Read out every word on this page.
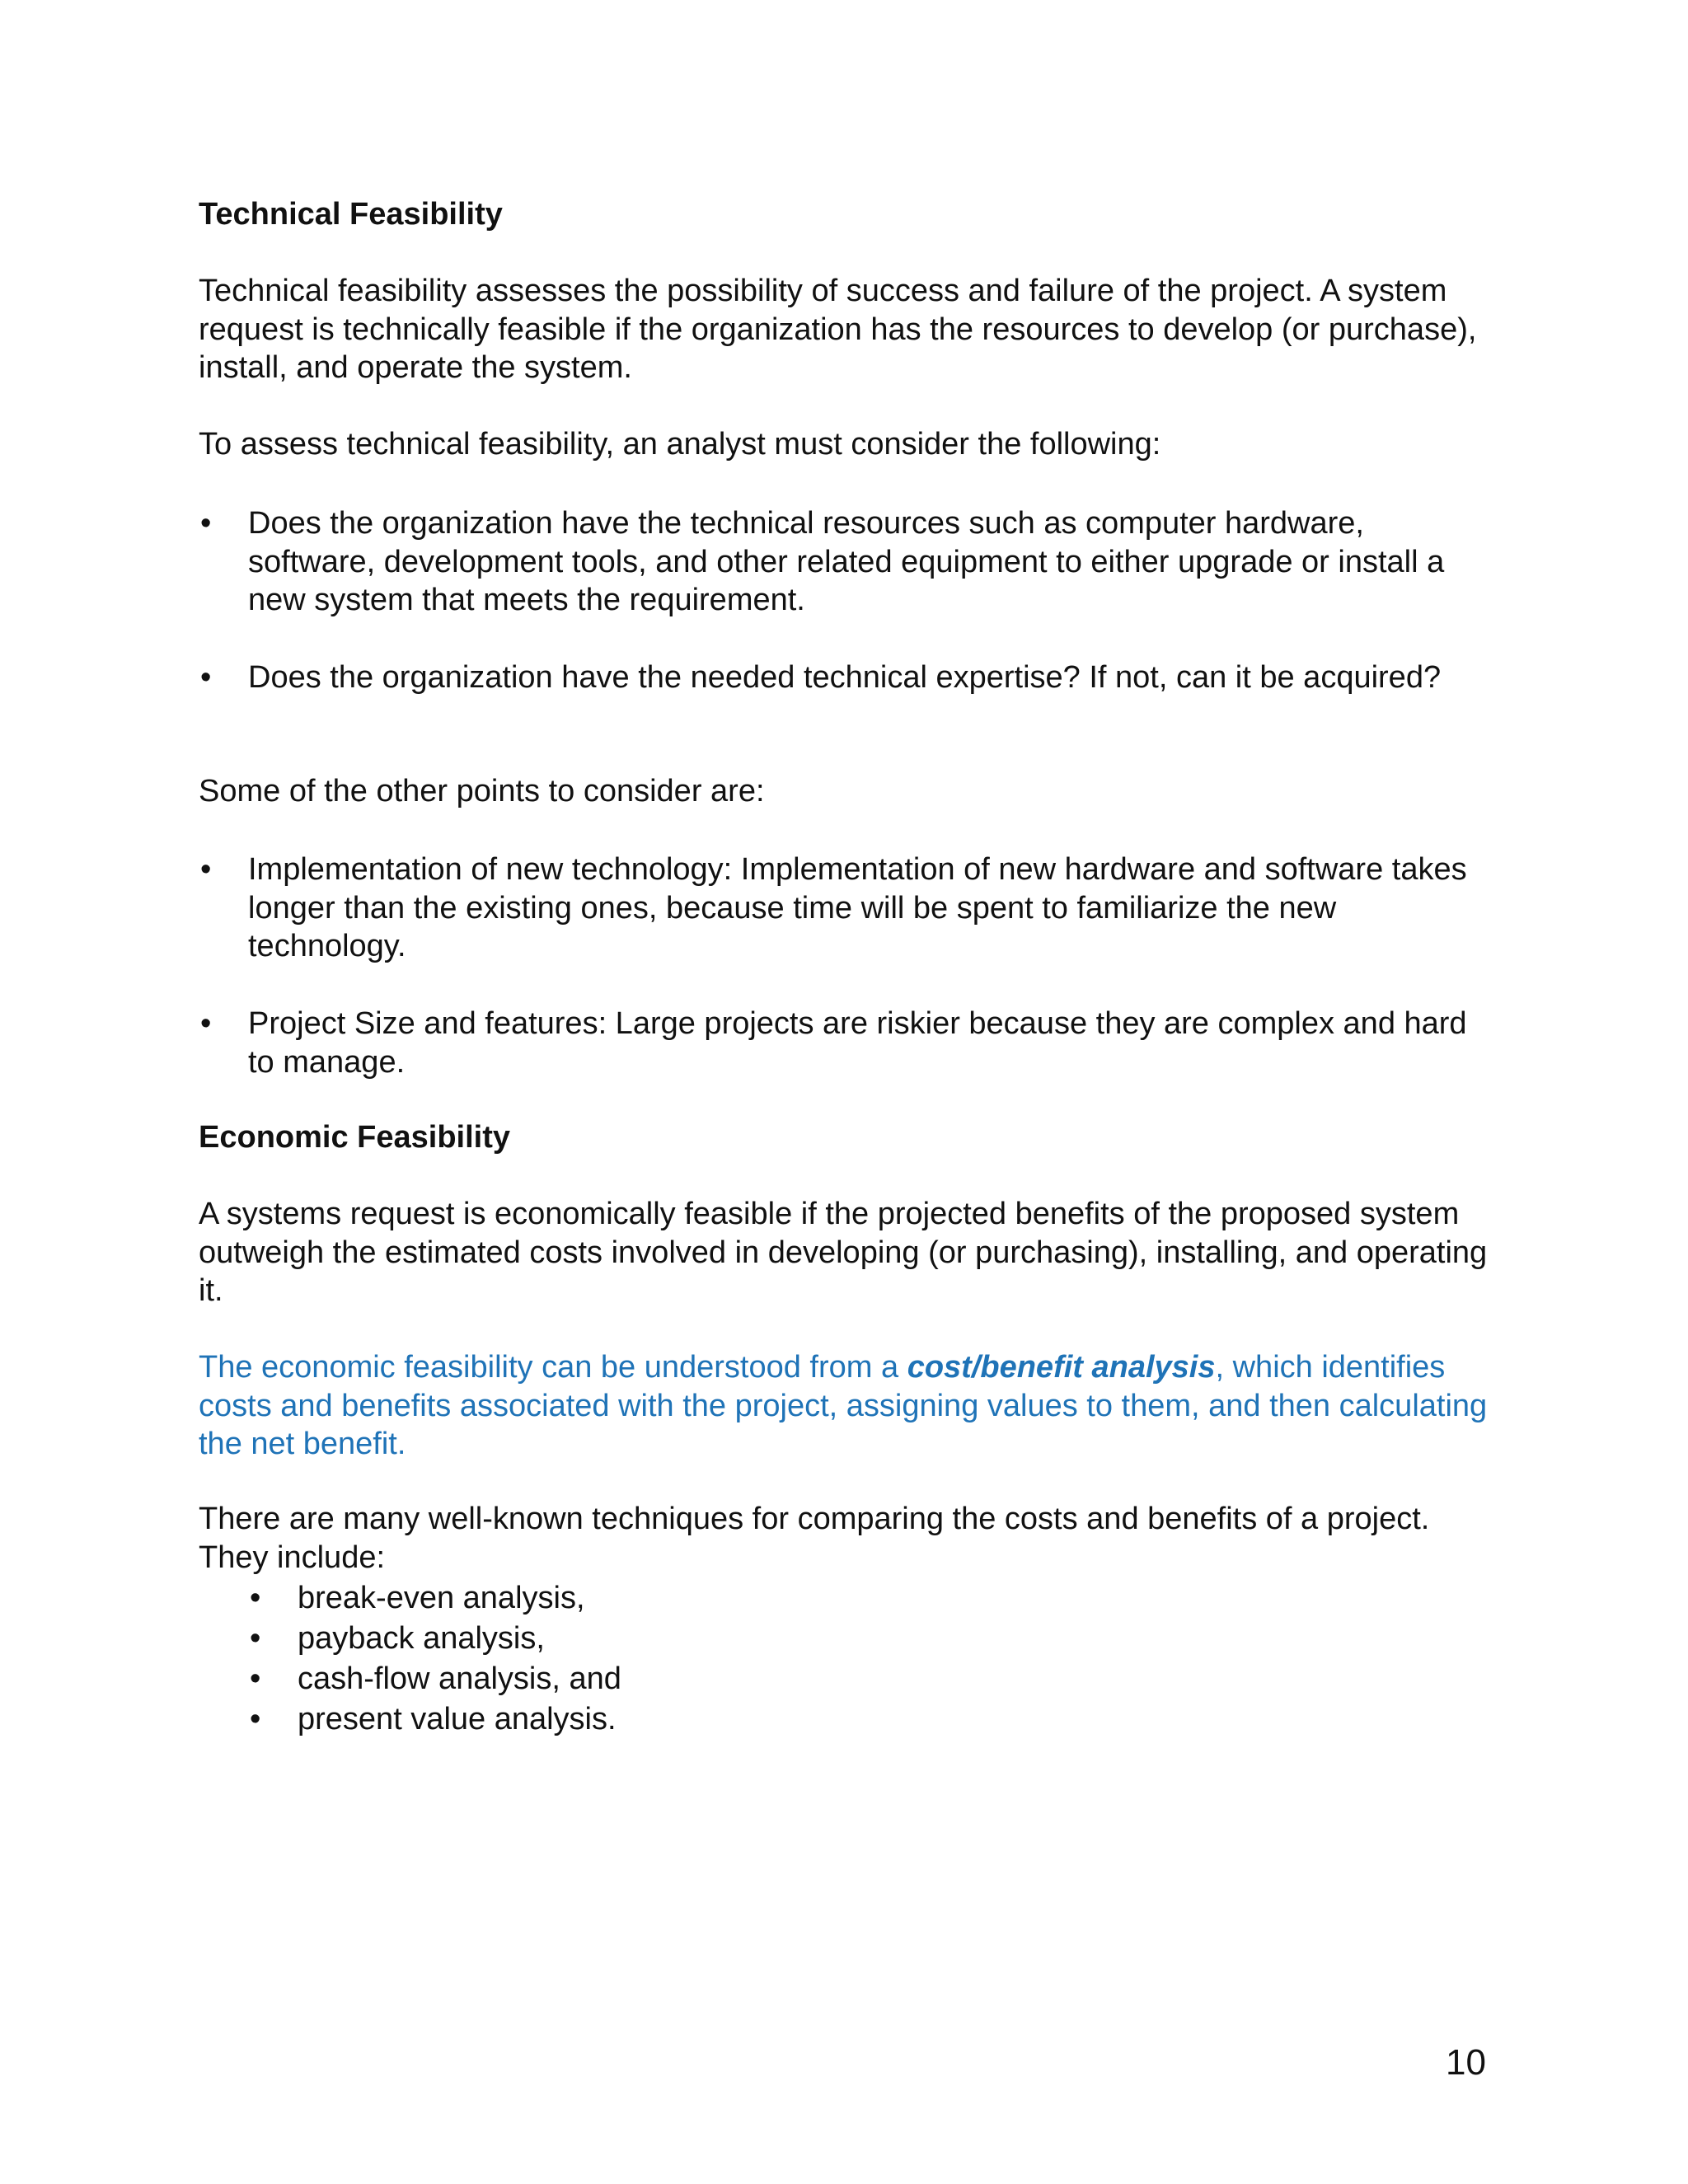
Technical Feasibility

Technical feasibility assesses the possibility of success and failure of the project. A system request is technically feasible if the organization has the resources to develop (or purchase), install, and operate the system.

To assess technical feasibility, an analyst must consider the following:

• Does the organization have the technical resources such as computer hardware, software, development tools, and other related equipment to either upgrade or install a new system that meets the requirement.
• Does the organization have the needed technical expertise? If not, can it be acquired?

Some of the other points to consider are:

• Implementation of new technology: Implementation of new hardware and software takes longer than the existing ones, because time will be spent to familiarize the new technology.
• Project Size and features: Large projects are riskier because they are complex and hard to manage.

Economic Feasibility

A systems request is economically feasible if the projected benefits of the proposed system outweigh the estimated costs involved in developing (or purchasing), installing, and operating it.

The economic feasibility can be understood from a cost/benefit analysis, which identifies costs and benefits associated with the project, assigning values to them, and then calculating the net benefit.

There are many well-known techniques for comparing the costs and benefits of a project. They include:

• break-even analysis,
• payback analysis,
• cash-flow analysis, and
• present value analysis.
10
